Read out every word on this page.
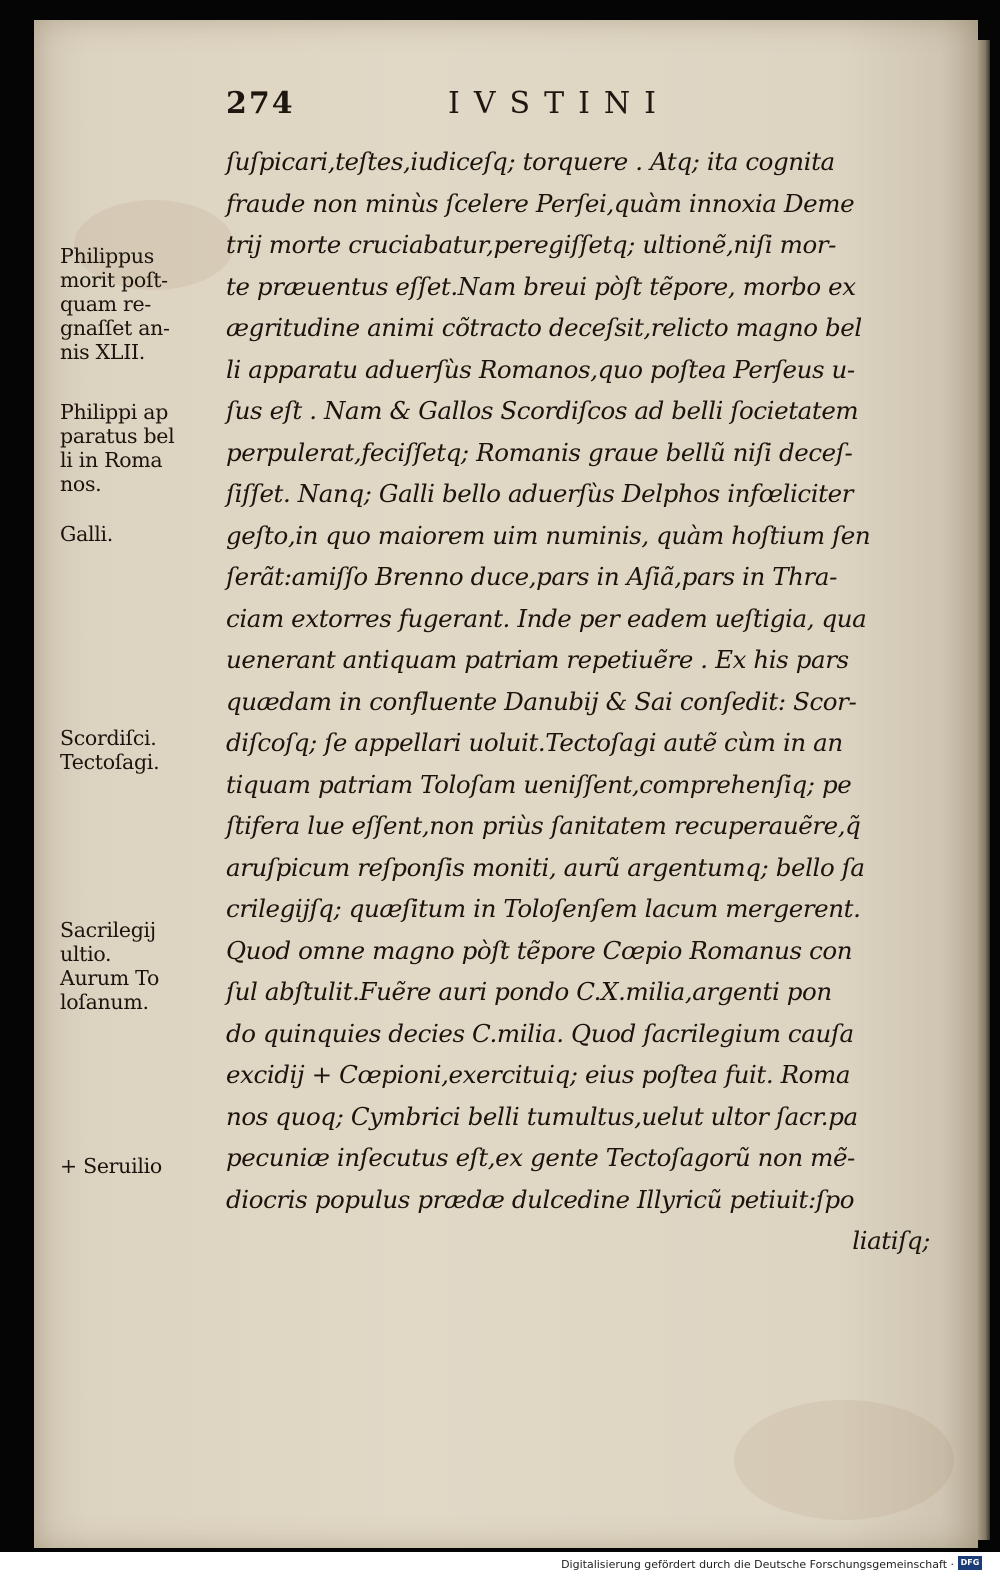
274	IVSTINI
ſuſpicari,teſtes,iudiceſq; torquere . Atq; ita cognita
fraude non minùs ſcelere Perſei,quàm innoxia Deme
trij morte cruciabatur,peregiſſetq; ultionẽ,niſi mor-
te præuentus eſſet.Nam breui pòſt tẽpore, morbo ex
ægritudine animi cõtracto deceſsit,relicto magno bel
li apparatu aduerſùs Romanos,quo poſtea Perſeus u-
ſus eſt . Nam & Gallos Scordiſcos ad belli ſocietatem
perpulerat,feciſſetq; Romanis graue bellũ niſi deceſ-
ſiſſet. Nanq; Galli bello aduerſùs Delphos infœliciter
geſto,in quo maiorem uim numinis, quàm hoſtium ſen
ſerãt:amiſſo Brenno duce,pars in Aſiã,pars in Thra-
ciam extorres fugerant. Inde per eadem ueſtigia, qua
uenerant antiquam patriam repetiuẽre . Ex his pars
quædam in confluente Danubij & Sai conſedit: Scor-
diſcoſq; ſe appellari uoluit.Tectoſagi autẽ cùm in an
tiquam patriam Toloſam ueniſſent,comprehenſiq; pe
ſtifera lue eſſent,non priùs ſanitatem recuperauẽre,q̃
aruſpicum reſponſis moniti, aurũ argentumq; bello ſa
crilegijſq; quæſitum in Toloſenſem lacum mergerent.
Quod omne magno pòſt tẽpore Cœpio Romanus con
ſul abſtulit.Fuẽre auri pondo C.X.milia,argenti pon
do quinquies decies C.milia. Quod ſacrilegium cauſa
excidij + Cœpioni,exercituiq; eius poſtea fuit. Roma
nos quoq; Cymbrici belli tumultus,uelut ultor ſacr.pa
pecuniæ inſecutus eſt,ex gente Tectoſagorũ non mẽ-
diocris populus prædæ dulcedine Illyricũ petiuit:ſpo
liatiſq;
Philippus
morit poſt-
quam re-
gnaſſet an-
nis XLII.
Philippi ap
paratus bel
li in Roma
nos.
Galli.
Scordiſci.
Tectoſagi.
Sacrilegij
ultio.
Aurum To
loſanum.
+ Seruilio
Digitalisierung gefördert durch die Deutsche Forschungsgemeinschaft · DFG
